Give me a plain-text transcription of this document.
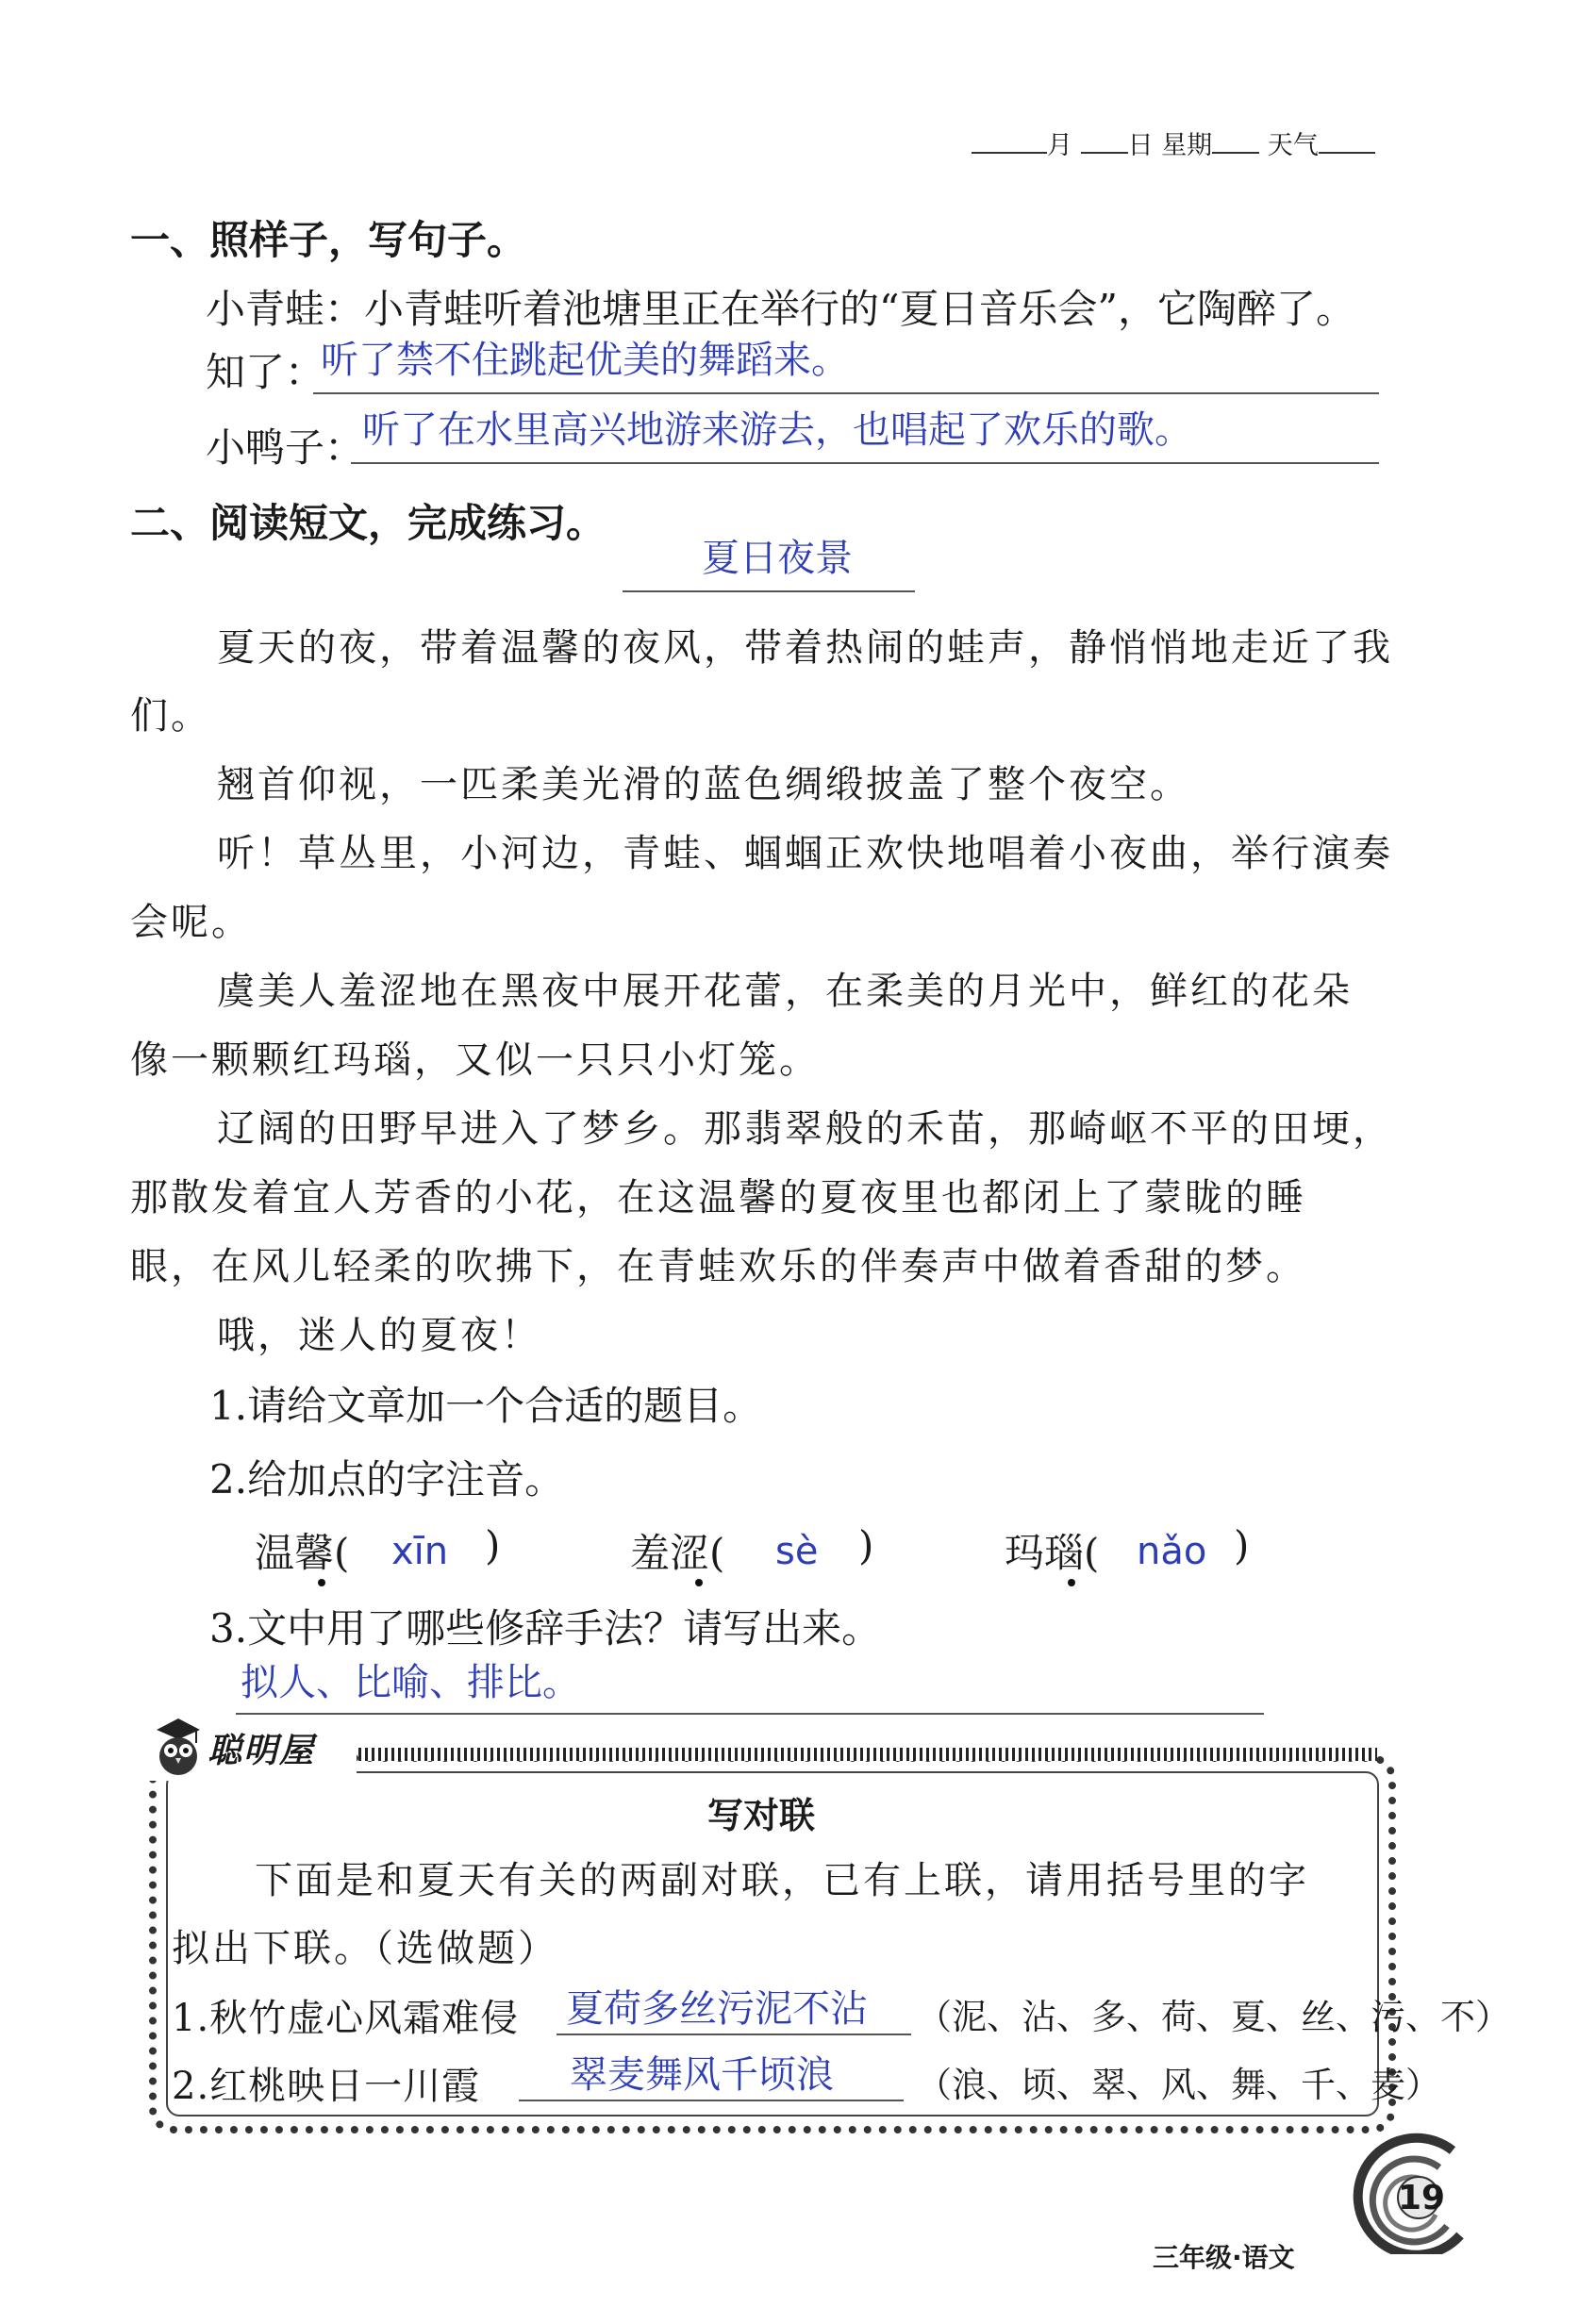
月 日 星期 天气
一、照样子，写句子。
小青蛙：小青蛙听着池塘里正在举行的“夏日音乐会”，它陶醉了。
知了：
听了禁不住跳起优美的舞蹈来。
小鸭子：
听了在水里高兴地游来游去，也唱起了欢乐的歌。
二、阅读短文，完成练习。
夏日夜景
夏天的夜，带着温馨的夜风，带着热闹的蛙声，静悄悄地走近了我
们。
翘首仰视，一匹柔美光滑的蓝色绸缎披盖了整个夜空。
听！草丛里，小河边，青蛙、蝈蝈正欢快地唱着小夜曲，举行演奏
会呢。
虞美人羞涩地在黑夜中展开花蕾，在柔美的月光中，鲜红的花朵
像一颗颗红玛瑙，又似一只只小灯笼。
辽阔的田野早进入了梦乡。那翡翠般的禾苗，那崎岖不平的田埂，
那散发着宜人芳香的小花，在这温馨的夏夜里也都闭上了蒙眬的睡
眼，在风儿轻柔的吹拂下，在青蛙欢乐的伴奏声中做着香甜的梦。
哦，迷人的夏夜！
1.请给文章加一个合适的题目。
2.给加点的字注音。
温馨( xīn )	羞涩( sè )	玛瑙( nǎo )
3.文中用了哪些修辞手法？请写出来。
拟人、比喻、排比。
聪明屋
写对联
下面是和夏天有关的两副对联，已有上联，请用括号里的字
拟出下联。（选做题）
1.秋竹虚心风霜难侵 夏荷多丝污泥不沾 （泥、沾、多、荷、夏、丝、污、不）
2.红桃映日一川霞 翠麦舞风千顷浪 （浪、顷、翠、风、舞、千、麦）
19
三年级·语文
